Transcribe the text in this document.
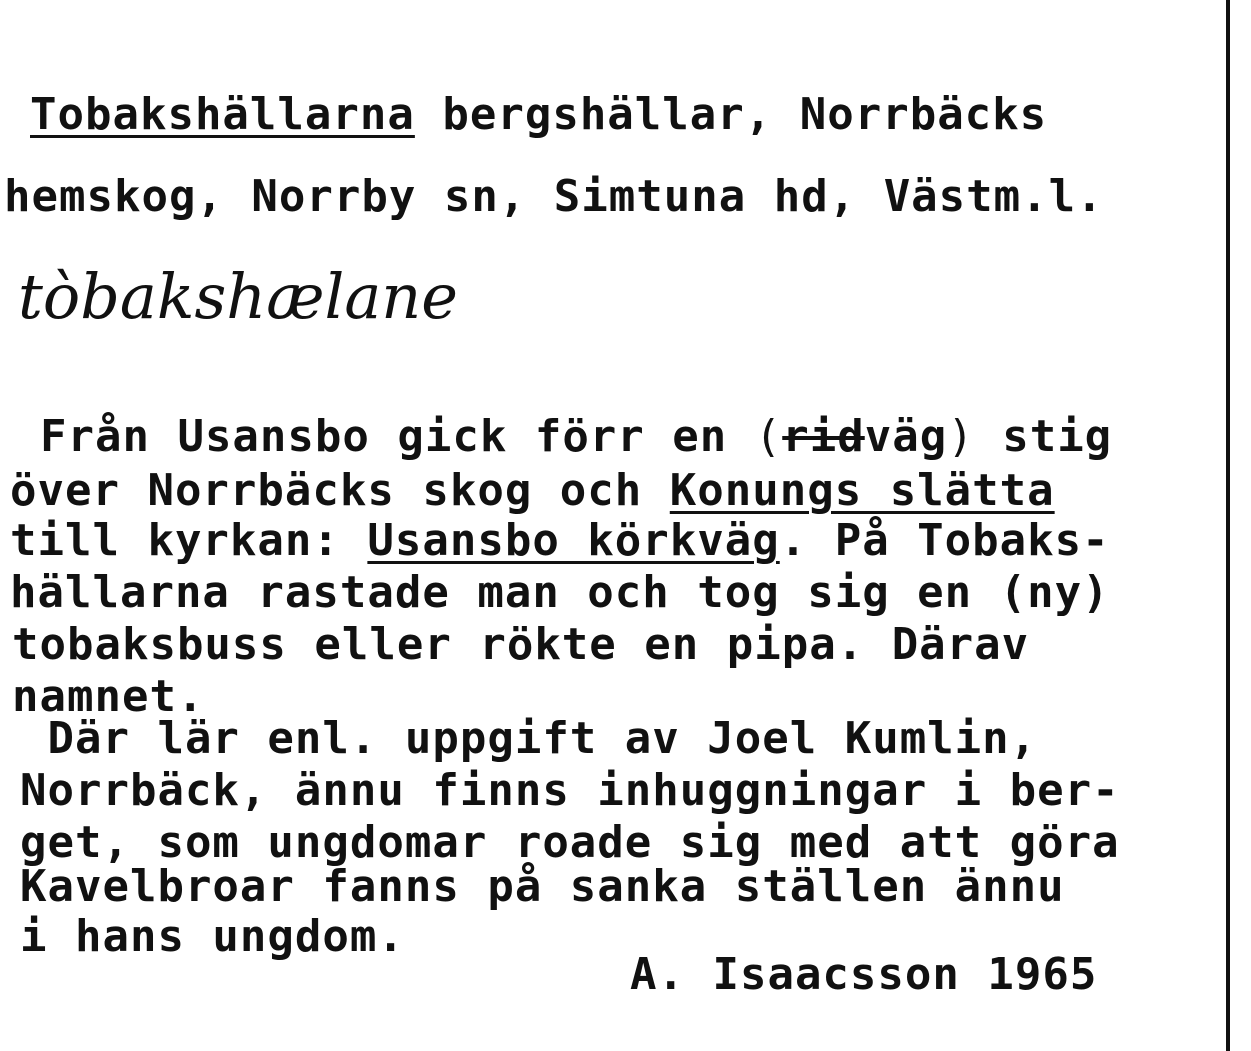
Tobakshällarna bergshällar, Norrbäcks
hemskog, Norrby sn, Simtuna hd, Västm.l.
tòbakshælane
Från Usansbo gick förr en (ridväg) stig
över Norrbäcks skog och Konungs slätta
till kyrkan: Usansbo körkväg. På Tobaks-
hällarna rastade man och tog sig en (ny)
tobaksbuss eller rökte en pipa. Därav
namnet.
Där lär enl. uppgift av Joel Kumlin,
Norrbäck, ännu finns inhuggningar i ber-
get, som ungdomar roade sig med att göra
Kavelbroar fanns på sanka ställen ännu
i hans ungdom.
A. Isaacsson 1965
